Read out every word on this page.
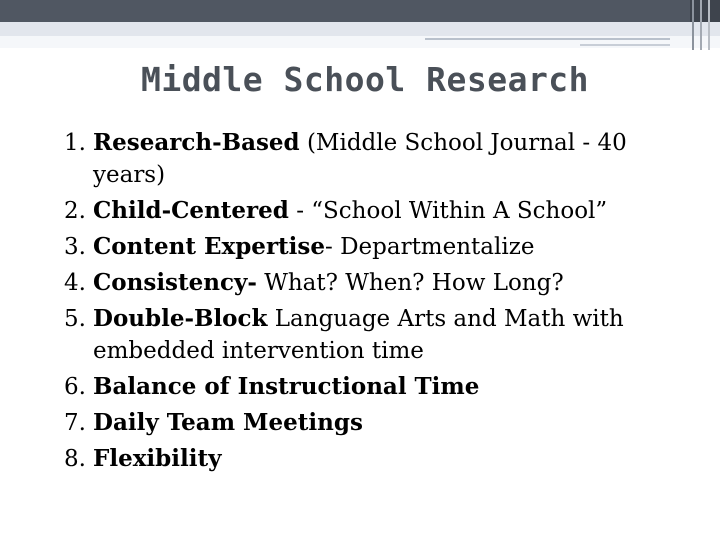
Middle School Research
1. Research-Based (Middle School Journal - 40 years)
2. Child-Centered - “School Within A School”
3. Content Expertise- Departmentalize
4. Consistency- What? When? How Long?
5. Double-Block Language Arts and Math with embedded intervention time
6. Balance of Instructional Time
7. Daily Team Meetings
8. Flexibility
